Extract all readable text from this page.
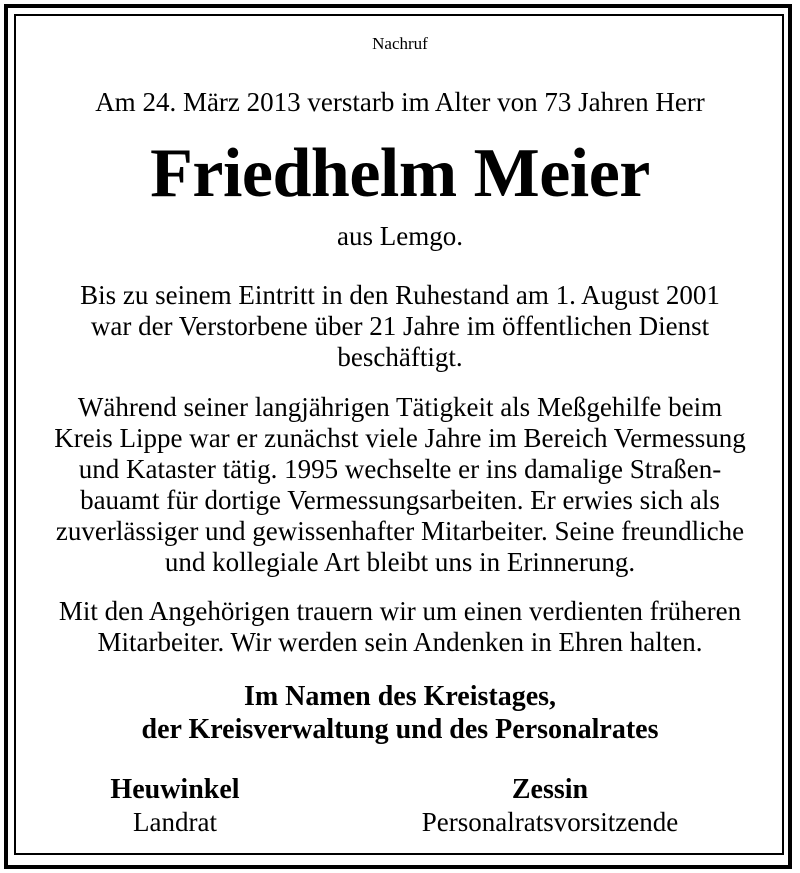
Nachruf
Am 24. März 2013 verstarb im Alter von 73 Jahren Herr
Friedhelm Meier
aus Lemgo.
Bis zu seinem Eintritt in den Ruhestand am 1. August 2001
war der Verstorbene über 21 Jahre im öffentlichen Dienst
beschäftigt.
Während seiner langjährigen Tätigkeit als Meßgehilfe beim
Kreis Lippe war er zunächst viele Jahre im Bereich Vermessung
und Kataster tätig. 1995 wechselte er ins damalige Straßen-
bauamt für dortige Vermessungsarbeiten. Er erwies sich als
zuverlässiger und gewissenhafter Mitarbeiter. Seine freundliche
und kollegiale Art bleibt uns in Erinnerung.
Mit den Angehörigen trauern wir um einen verdienten früheren
Mitarbeiter. Wir werden sein Andenken in Ehren halten.
Im Namen des Kreistages,
der Kreisverwaltung und des Personalrates
Heuwinkel
Landrat
Zessin
Personalratsvorsitzende
